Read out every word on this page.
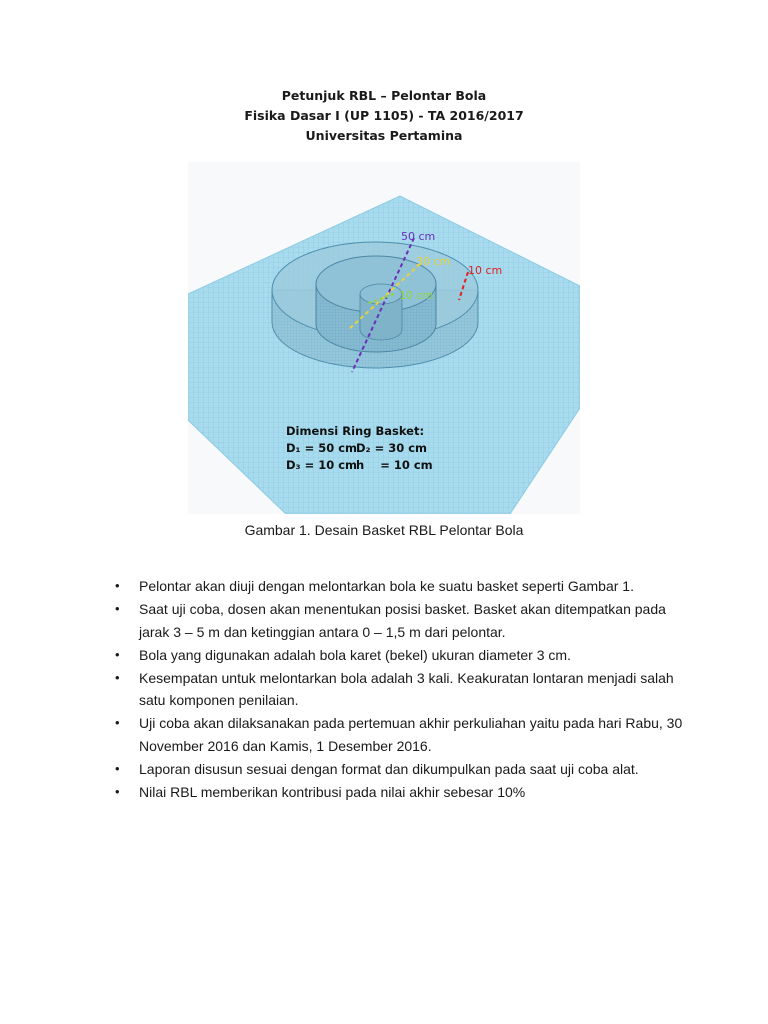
Petunjuk RBL – Pelontar Bola
Fisika Dasar I (UP 1105) - TA 2016/2017
Universitas Pertamina
50 cm
30 cm
10 cm
10 cm
Dimensi Ring Basket:
D₁ = 50 cm
D₂ = 30 cm
D₃ = 10 cm
h    = 10 cm
Gambar 1. Desain Basket RBL Pelontar Bola
• Pelontar akan diuji dengan melontarkan bola ke suatu basket seperti Gambar 1.
• Saat uji coba, dosen akan menentukan posisi basket. Basket akan ditempatkan pada jarak 3 – 5 m dan ketinggian antara 0 – 1,5 m dari pelontar.
• Bola yang digunakan adalah bola karet (bekel) ukuran diameter 3 cm.
• Kesempatan untuk melontarkan bola adalah 3 kali. Keakuratan lontaran menjadi salah satu komponen penilaian.
• Uji coba akan dilaksanakan pada pertemuan akhir perkuliahan yaitu pada hari Rabu, 30 November 2016 dan Kamis, 1 Desember 2016.
• Laporan disusun sesuai dengan format dan dikumpulkan pada saat uji coba alat.
• Nilai RBL memberikan kontribusi pada nilai akhir sebesar 10%
